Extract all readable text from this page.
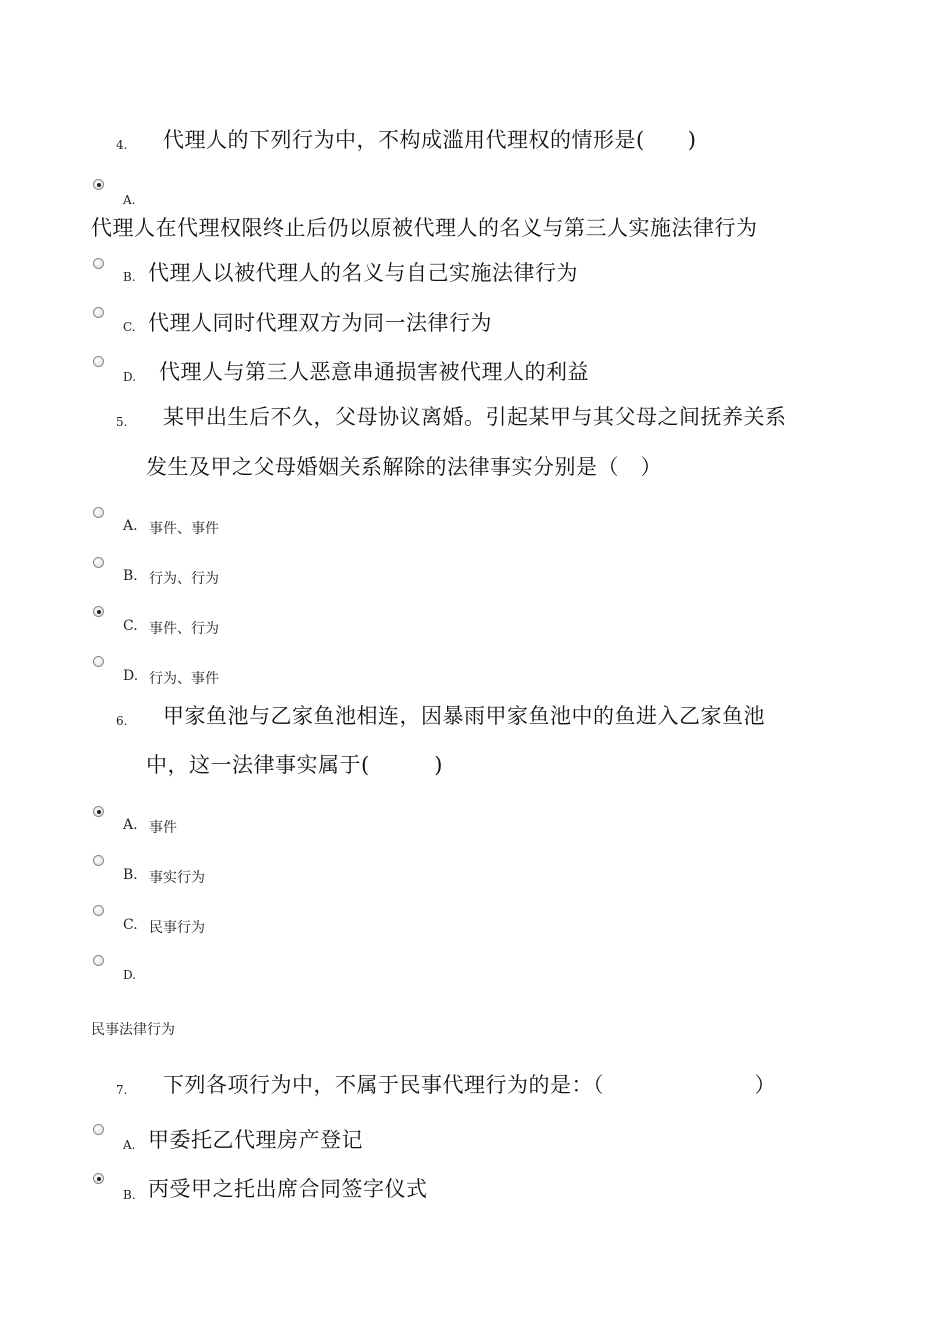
4. 代理人的下列行为中，不构成滥用代理权的情形是(　　)
A.
代理人在代理权限终止后仍以原被代理人的名义与第三人实施法律行为
B. 代理人以被代理人的名义与自己实施法律行为
C. 代理人同时代理双方为同一法律行为
D. 代理人与第三人恶意串通损害被代理人的利益
5. 某甲出生后不久，父母协议离婚。引起某甲与其父母之间抚养关系
发生及甲之父母婚姻关系解除的法律事实分别是（　）
A. 事件、事件
B. 行为、行为
C. 事件、行为
D. 行为、事件
6. 甲家鱼池与乙家鱼池相连，因暴雨甲家鱼池中的鱼进入乙家鱼池
中，这一法律事实属于(　　　)
A. 事件
B. 事实行为
C. 民事行为
D.
民事法律行为
7. 下列各项行为中，不属于民事代理行为的是：（　　　　　　　）
A. 甲委托乙代理房产登记
B. 丙受甲之托出席合同签字仪式
